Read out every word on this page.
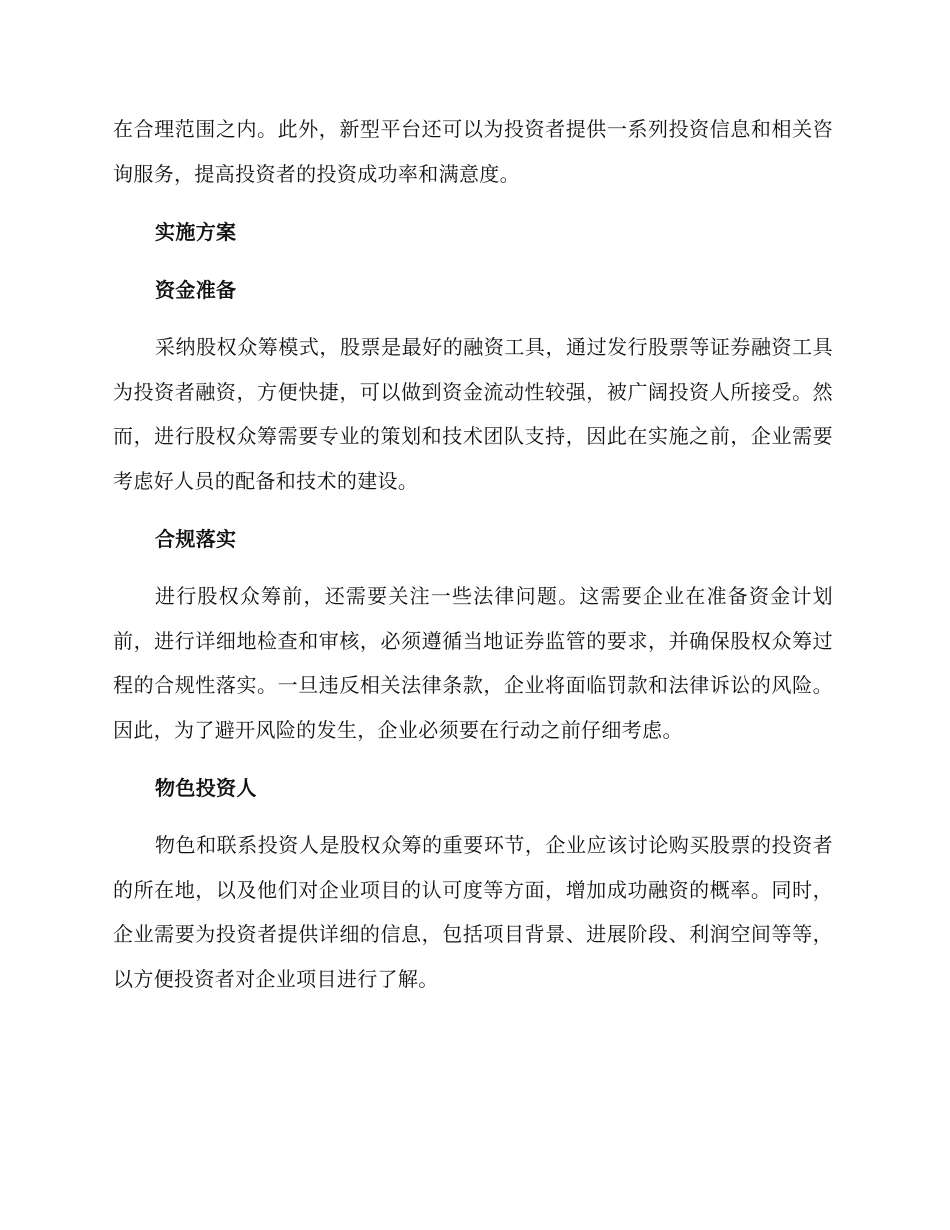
在合理范围之内。此外，新型平台还可以为投资者提供一系列投资信息和相关咨询服务，提高投资者的投资成功率和满意度。

实施方案
资金准备

采纳股权众筹模式，股票是最好的融资工具，通过发行股票等证券融资工具为投资者融资，方便快捷，可以做到资金流动性较强，被广阔投资人所接受。然而，进行股权众筹需要专业的策划和技术团队支持，因此在实施之前，企业需要考虑好人员的配备和技术的建设。

合规落实

进行股权众筹前，还需要关注一些法律问题。这需要企业在准备资金计划前，进行详细地检查和审核，必须遵循当地证券监管的要求，并确保股权众筹过程的合规性落实。一旦违反相关法律条款，企业将面临罚款和法律诉讼的风险。因此，为了避开风险的发生，企业必须要在行动之前仔细考虑。

物色投资人

物色和联系投资人是股权众筹的重要环节，企业应该讨论购买股票的投资者的所在地，以及他们对企业项目的认可度等方面，增加成功融资的概率。同时，企业需要为投资者提供详细的信息，包括项目背景、进展阶段、利润空间等等，以方便投资者对企业项目进行了解。
